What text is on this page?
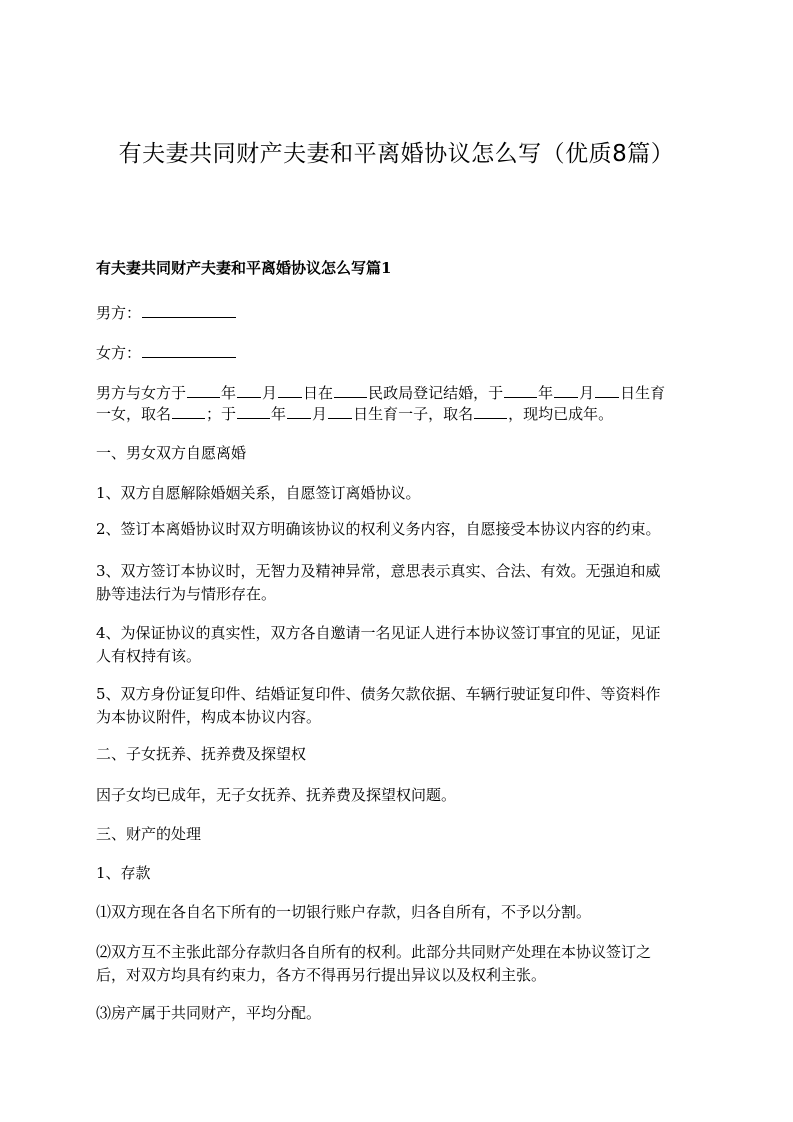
有夫妻共同财产夫妻和平离婚协议怎么写（优质8篇）
有夫妻共同财产夫妻和平离婚协议怎么写篇1

男方：

女方：

男方与女方于 年 月 日在 民政局登记结婚，于 年 月 日生育

一女，取名 ；于 年 月 日生育一子，取名 ，现均已成年。

一、男女双方自愿离婚

1、双方自愿解除婚姻关系，自愿签订离婚协议。

2、签订本离婚协议时双方明确该协议的权利义务内容，自愿接受本协议内容的约束。

3、双方签订本协议时，无智力及精神异常，意思表示真实、合法、有效。无强迫和威

胁等违法行为与情形存在。

4、为保证协议的真实性，双方各自邀请一名见证人进行本协议签订事宜的见证，见证

人有权持有该。

5、双方身份证复印件、结婚证复印件、债务欠款依据、车辆行驶证复印件、等资料作

为本协议附件，构成本协议内容。

二、子女抚养、抚养费及探望权

因子女均已成年，无子女抚养、抚养费及探望权问题。

三、财产的处理

1、存款

⑴双方现在各自名下所有的一切银行账户存款，归各自所有，不予以分割。

⑵双方互不主张此部分存款归各自所有的权利。此部分共同财产处理在本协议签订之

后，对双方均具有约束力，各方不得再另行提出异议以及权利主张。

⑶房产属于共同财产，平均分配。
